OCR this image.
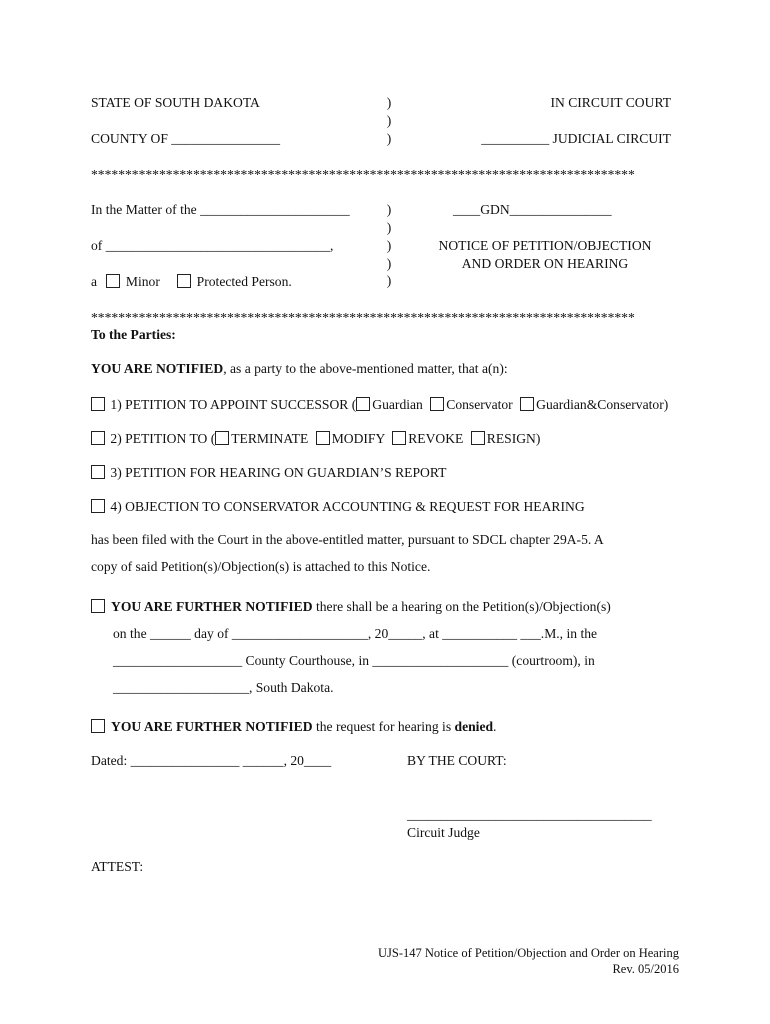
STATE OF SOUTH DAKOTA
COUNTY OF ________________
)
)
)
IN CIRCUIT COURT
__________ JUDICIAL CIRCUIT
********************************************************************************
In the Matter of the ______________________
of _________________________________,
a Minor	Protected Person.
)
)
)
)
)
____GDN_______________
NOTICE OF PETITION/OBJECTION
AND ORDER ON HEARING
********************************************************************************
To the Parties:
YOU ARE NOTIFIED, as a party to the above-mentioned matter, that a(n):
1) PETITION TO APPOINT SUCCESSOR ( Guardian Conservator Guardian&Conservator)
2) PETITION TO ( TERMINATE MODIFY REVOKE RESIGN)
3) PETITION FOR HEARING ON GUARDIAN’S REPORT
4) OBJECTION TO CONSERVATOR ACCOUNTING & REQUEST FOR HEARING
has been filed with the Court in the above-entitled matter, pursuant to SDCL chapter 29A-5. A
copy of said Petition(s)/Objection(s) is attached to this Notice.
YOU ARE FURTHER NOTIFIED there shall be a hearing on the Petition(s)/Objection(s)
on the ______ day of ____________________, 20_____, at ___________ ___.M., in the
___________________ County Courthouse, in ____________________ (courtroom), in
____________________, South Dakota.
YOU ARE FURTHER NOTIFIED the request for hearing is denied.
Dated: ________________ ______, 20____	BY THE COURT:
____________________________________
Circuit Judge
ATTEST:
UJS-147 Notice of Petition/Objection and Order on Hearing
Rev. 05/2016
